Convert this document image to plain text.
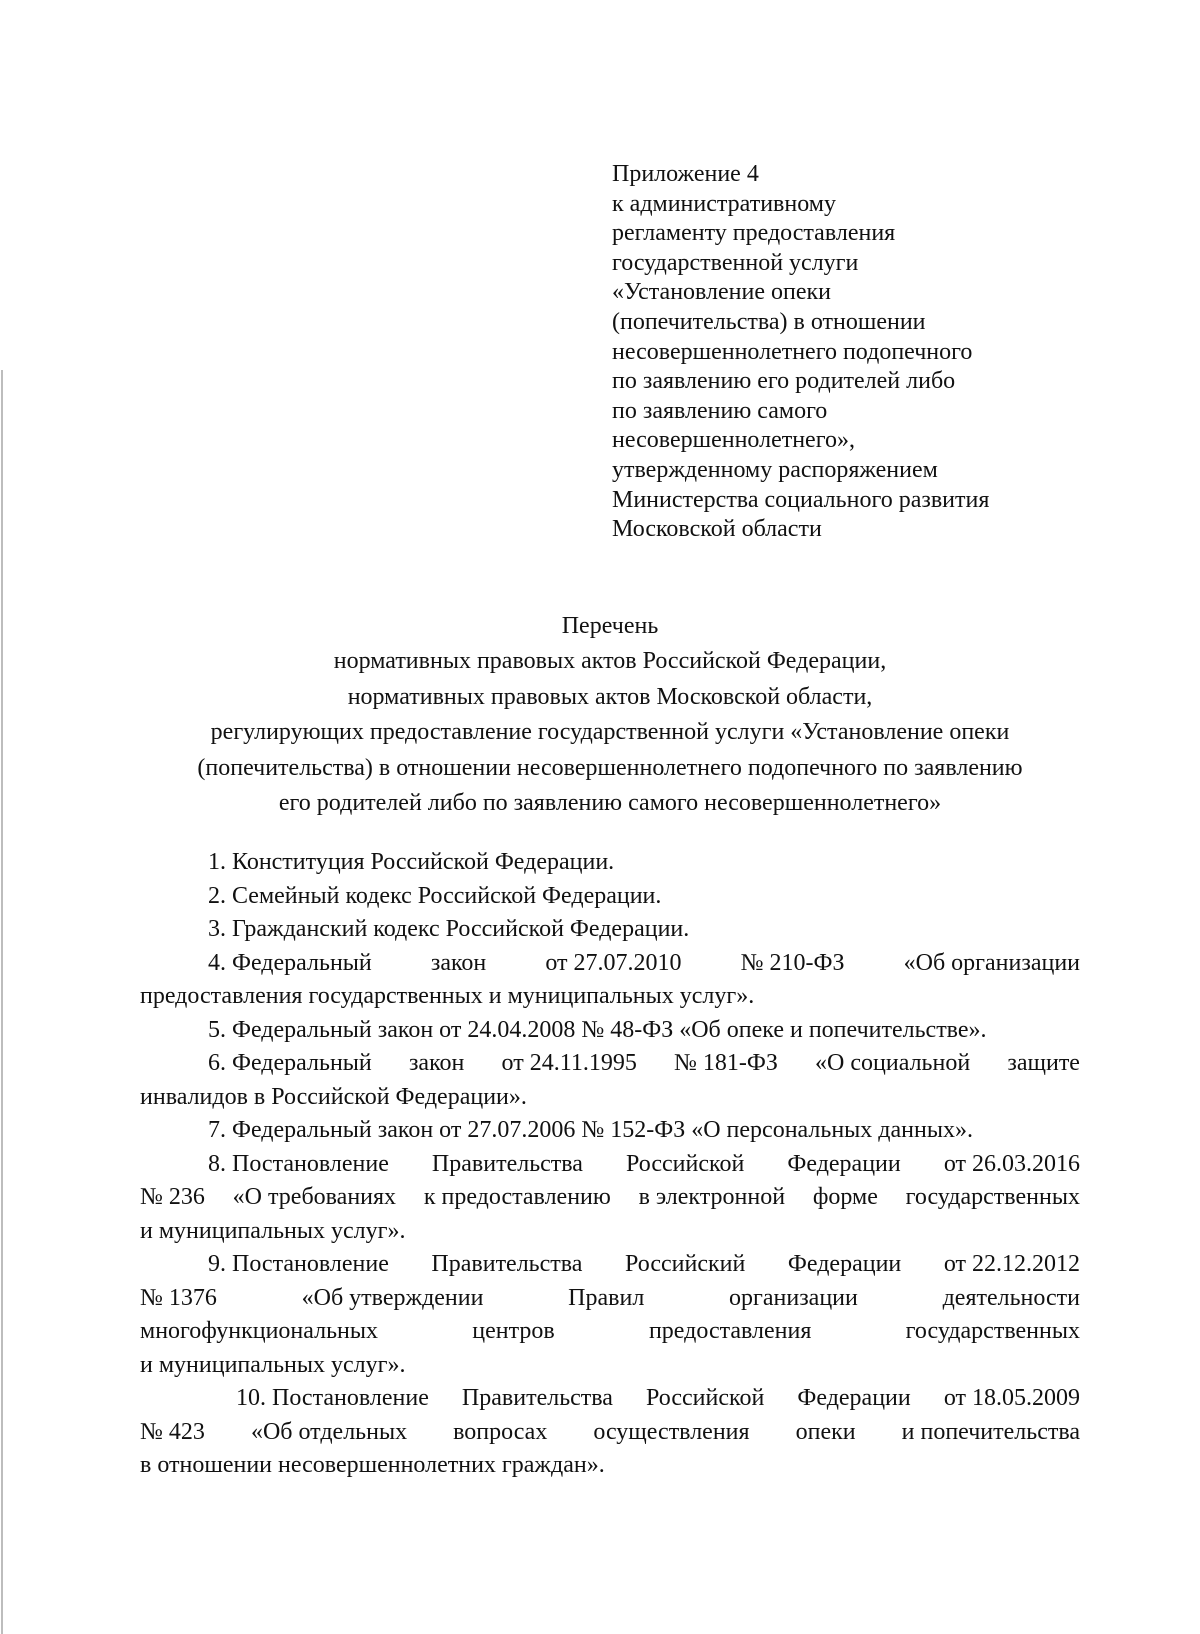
Приложение 4
к административному
регламенту предоставления
государственной услуги
«Установление опеки
(попечительства) в отношении
несовершеннолетнего подопечного
по заявлению его родителей либо
по заявлению самого
несовершеннолетнего»,
утвержденному распоряжением
Министерства социального развития
Московской области
Перечень
нормативных правовых актов Российской Федерации,
нормативных правовых актов Московской области,
регулирующих предоставление государственной услуги «Установление опеки
(попечительства) в отношении несовершеннолетнего подопечного по заявлению
его родителей либо по заявлению самого несовершеннолетнего»
1. Конституция Российской Федерации.
2. Семейный кодекс Российской Федерации.
3. Гражданский кодекс Российской Федерации.
4. Федеральный закон от 27.07.2010 № 210-ФЗ «Об организации
предоставления государственных и муниципальных услуг».
5. Федеральный закон от 24.04.2008 № 48-ФЗ «Об опеке и попечительстве».
6. Федеральный закон от 24.11.1995 № 181-ФЗ «О социальной защите
инвалидов в Российской Федерации».
7. Федеральный закон от 27.07.2006 № 152-ФЗ «О персональных данных».
8. Постановление Правительства Российской Федерации от 26.03.2016
№ 236 «О требованиях к предоставлению в электронной форме государственных
и муниципальных услуг».
9. Постановление Правительства Российский Федерации от 22.12.2012
№ 1376	«Об утверждении	Правил	организации	деятельности
многофункциональных	центров	предоставления	государственных
и муниципальных услуг».
10. Постановление Правительства Российской Федерации от 18.05.2009
№ 423 «Об отдельных вопросах осуществления опеки и попечительства
в отношении несовершеннолетних граждан».
